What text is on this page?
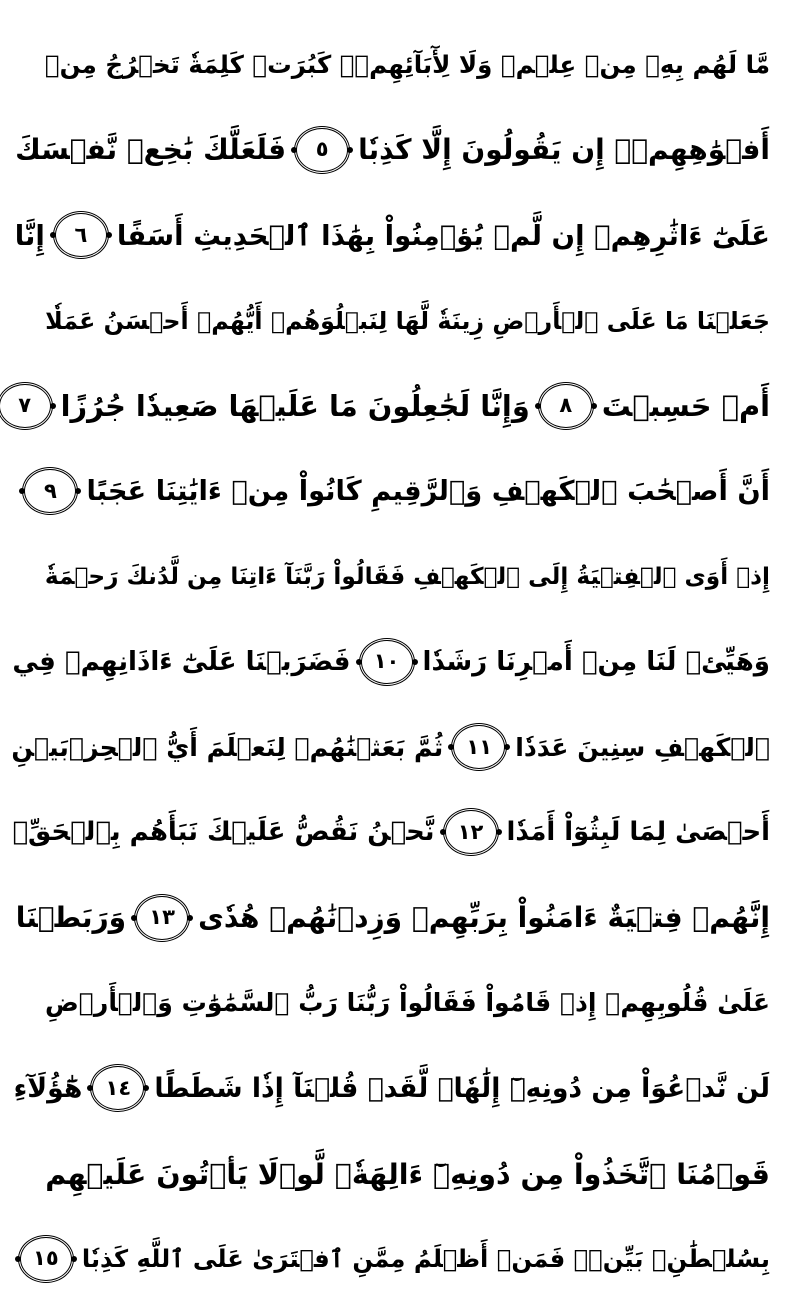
مَّا لَهُم بِهِۦ مِنۡ عِلۡمٖ وَلَا لِأٓبَآئِهِمۡۚ كَبُرَتۡ كَلِمَةٗ تَخۡرُجُ مِنۡ
أَفۡوَٰهِهِمۡۚ إِن يَقُولُونَ إِلَّا كَذِبٗا
٥
فَلَعَلَّكَ بَٰخِعٞ نَّفۡسَكَ
عَلَىٰٓ ءَاثَٰرِهِمۡ إِن لَّمۡ يُؤۡمِنُواْ بِهَٰذَا ٱلۡحَدِيثِ أَسَفًا
٦
إِنَّا
جَعَلۡنَا مَا عَلَى ٱلۡأَرۡضِ زِينَةٗ لَّهَا لِنَبۡلُوَهُمۡ أَيُّهُمۡ أَحۡسَنُ عَمَلٗا
أَمۡ حَسِبۡتَ
٨
وَإِنَّا لَجَٰعِلُونَ مَا عَلَيۡهَا صَعِيدٗا جُرُزًا
٧
أَنَّ أَصۡحَٰبَ ٱلۡكَهۡفِ وَٱلرَّقِيمِ كَانُواْ مِنۡ ءَايَٰتِنَا عَجَبًا
٩
إِذۡ أَوَى ٱلۡفِتۡيَةُ إِلَى ٱلۡكَهۡفِ فَقَالُواْ رَبَّنَآ ءَاتِنَا مِن لَّدُنكَ رَحۡمَةٗ
وَهَيِّئۡ لَنَا مِنۡ أَمۡرِنَا رَشَدٗا
١٠
فَضَرَبۡنَا عَلَىٰٓ ءَاذَانِهِمۡ فِي
ٱلۡكَهۡفِ سِنِينَ عَدَدٗا
١١
ثُمَّ بَعَثۡنَٰهُمۡ لِنَعۡلَمَ أَيُّ ٱلۡحِزۡبَيۡنِ
أَحۡصَىٰ لِمَا لَبِثُوٓاْ أَمَدٗا
١٢
نَّحۡنُ نَقُصُّ عَلَيۡكَ نَبَأَهُم بِٱلۡحَقِّۚ
إِنَّهُمۡ فِتۡيَةٌ ءَامَنُواْ بِرَبِّهِمۡ وَزِدۡنَٰهُمۡ هُدٗى
١٣
وَرَبَطۡنَا
عَلَىٰ قُلُوبِهِمۡ إِذۡ قَامُواْ فَقَالُواْ رَبُّنَا رَبُّ ٱلسَّمَٰوَٰتِ وَٱلۡأَرۡضِ
لَن نَّدۡعُوَاْ مِن دُونِهِۦٓ إِلَٰهٗاۖ لَّقَدۡ قُلۡنَآ إِذٗا شَطَطًا
١٤
هَٰٓؤُلَآءِ
قَوۡمُنَا ٱتَّخَذُواْ مِن دُونِهِۦٓ ءَالِهَةٗۖ لَّوۡلَا يَأۡتُونَ عَلَيۡهِم
بِسُلۡطَٰنِۭ بَيِّنٖۖ فَمَنۡ أَظۡلَمُ مِمَّنِ ٱفۡتَرَىٰ عَلَى ٱللَّهِ كَذِبٗا
١٥
